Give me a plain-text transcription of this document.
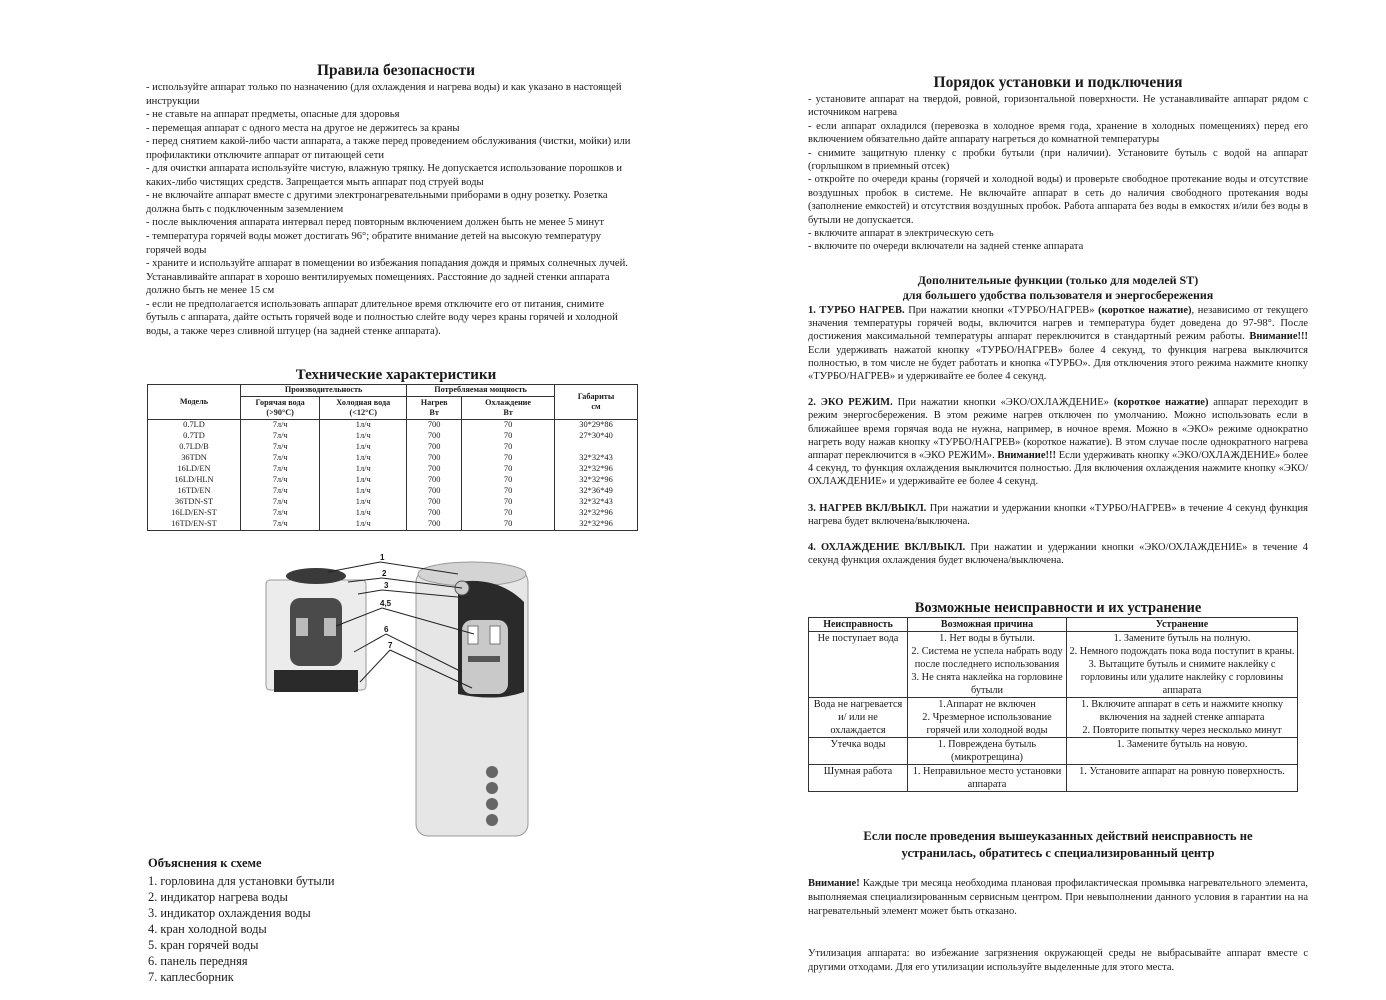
Правила безопасности
- используйте аппарат только по назначению (для охлаждения и нагрева воды) и как указано в настоящей инструкции
- не ставьте на аппарат предметы, опасные для здоровья
- перемещая аппарат с одного места на другое не держитесь за краны
- перед снятием какой-либо части аппарата, а также перед проведением обслуживания (чистки, мойки) или профилактики отключите аппарат от питающей сети
- для очистки аппарата используйте чистую, влажную тряпку. Не допускается использование порошков и каких-либо чистящих средств. Запрещается мыть аппарат под струей воды
- не включайте аппарат вместе с другими электронагревательными приборами в одну розетку. Розетка должна быть с подключенным заземлением
- после выключения аппарата интервал перед повторным включением должен быть не менее 5 минут
- температура горячей воды может достигать 96°; обратите внимание детей на высокую температуру горячей воды
- храните и используйте аппарат в помещении во избежания попадания дождя и прямых солнечных лучей. Устанавливайте аппарат в хорошо вентилируемых помещениях. Расстояние до задней стенки аппарата должно быть не менее 15 см
- если не предполагается использовать аппарат длительное время отключите его от питания, снимите бутыль с аппарата, дайте остыть горячей воде и полностью слейте воду через краны горячей и холодной воды, а также через сливной штуцер (на задней стенке аппарата).
Технические характеристики
Модель	Производительность		Потребляемая мощность		Габариты
см
	Горячая вода
(>90°С)	Холодная вода
(<12°С)	Нагрев
Вт	Охлаждение
Вт	
0.7LD	7л/ч	1л/ч	700	70	30*29*86
0.7TD	7л/ч	1л/ч	700	70	27*30*40
0.7LD/B	7л/ч	1л/ч	700	70	
36TDN	7л/ч	1л/ч	700	70	32*32*43
16LD/EN	7л/ч	1л/ч	700	70	32*32*96
16LD/HLN	7л/ч	1л/ч	700	70	32*32*96
16TD/EN	7л/ч	1л/ч	700	70	32*36*49
36TDN-ST	7л/ч	1л/ч	700	70	32*32*43
16LD/EN-ST	7л/ч	1л/ч	700	70	32*32*96
16TD/EN-ST	7л/ч	1л/ч	700	70	32*32*96
1
2
3
4,5
6
7
Объяснения к схеме
1. горловина для установки бутыли
2. индикатор нагрева воды
3. индикатор охлаждения воды
4. кран холодной воды
5. кран горячей воды
6. панель передняя
7. каплесборник
Порядок установки и подключения
- установите аппарат на твердой, ровной, горизонтальной поверхности. Не устанавливайте аппарат рядом с источником нагрева
- если аппарат охладился (перевозка в холодное время года, хранение в холодных помещениях) перед его включением обязательно дайте аппарату нагреться до комнатной температуры
- снимите защитную пленку с пробки бутыли (при наличии). Установите бутыль с водой на аппарат (горлышком в приемный отсек)
- откройте по очереди краны (горячей и холодной воды) и проверьте свободное протекание воды и отсутствие воздушных пробок в системе. Не включайте аппарат в сеть до наличия свободного протекания воды (заполнение емкостей) и отсутствия воздушных пробок. Работа аппарата без воды в емкостях и/или без воды в бутыли не допускается.
- включите аппарат в электрическую сеть
- включите по очереди включатели на задней стенке аппарата
Дополнительные функции (только для моделей ST)
для большего удобства пользователя и энергосбережения

1. ТУРБО НАГРЕВ. При нажатии кнопки «ТУРБО/НАГРЕВ» (короткое нажатие), независимо от текущего значения температуры горячей воды, включится нагрев и температура будет доведена до 97-98°. После достижения максимальной температуры аппарат переключится в стандартный режим работы. Внимание!!! Если удерживать нажатой кнопку «ТУРБО/НАГРЕВ» более 4 секунд, то функция нагрева выключится полностью, в том числе не будет работать и кнопка «ТУРБО». Для отключения этого режима нажмите кнопку «ТУРБО/НАГРЕВ» и удерживайте ее более 4 секунд.

2. ЭКО РЕЖИМ. При нажатии кнопки «ЭКО/ОХЛАЖДЕНИЕ» (короткое нажатие) аппарат переходит в режим энергосбережения. В этом режиме нагрев отключен по умолчанию. Можно использовать если в ближайшее время горячая вода не нужна, например, в ночное время. Можно в «ЭКО» режиме однократно нагреть воду нажав кнопку «ТУРБО/НАГРЕВ» (короткое нажатие). В этом случае после однократного нагрева аппарат переключится в «ЭКО РЕЖИМ». Внимание!!! Если удерживать кнопку «ЭКО/ОХЛАЖДЕНИЕ» более 4 секунд, то функция охлаждения выключится полностью. Для включения охлаждения нажмите кнопку «ЭКО/ОХЛАЖДЕНИЕ» и удерживайте ее более 4 секунд.

3. НАГРЕВ ВКЛ/ВЫКЛ. При нажатии и удержании кнопки «ТУРБО/НАГРЕВ» в течение 4 секунд функция нагрева будет включена/выключена.

4. ОХЛАЖДЕНИЕ ВКЛ/ВЫКЛ. При нажатии и удержании кнопки «ЭКО/ОХЛАЖДЕНИЕ» в течение 4 секунд функция охлаждения будет включена/выключена.

Возможные неисправности и их устранение
Неисправность	Возможная причина	Устранение
Не поступает вода	1. Нет воды в бутыли.
2. Система не успела набрать воду после последнего использования
3. Не снята наклейка на горловине бутыли	1. Замените бутыль на полную.
2. Немного подождать пока вода поступит в краны.
3. Вытащите бутыль и снимите наклейку с горловины или удалите наклейку с горловины аппарата
Вода не нагревается и/ или не охлаждается	1.Аппарат не включен
2. Чрезмерное использование горячей или холодной воды	1. Включите аппарат в сеть и нажмите кнопку включения на задней стенке аппарата
2. Повторите попытку через несколько минут
Утечка воды	1. Повреждена бутыль (микротрещина)	1. Замените бутыль на новую.
Шумная работа	1. Неправильное место установки аппарата	1. Установите аппарат на ровную поверхность.
Если после проведения вышеуказанных действий неисправность не
устранилась, обратитесь с специализированный центр
Внимание! Каждые три месяца необходима плановая профилактическая промывка нагревательного элемента, выполняемая специализированным сервисным центром. При невыполнении данного условия в гарантии на на нагревательный элемент может быть отказано.
Утилизация аппарата: во избежание загрязнения окружающей среды не выбрасывайте аппарат вместе с другими отходами. Для его утилизации используйте выделенные для этого места.
